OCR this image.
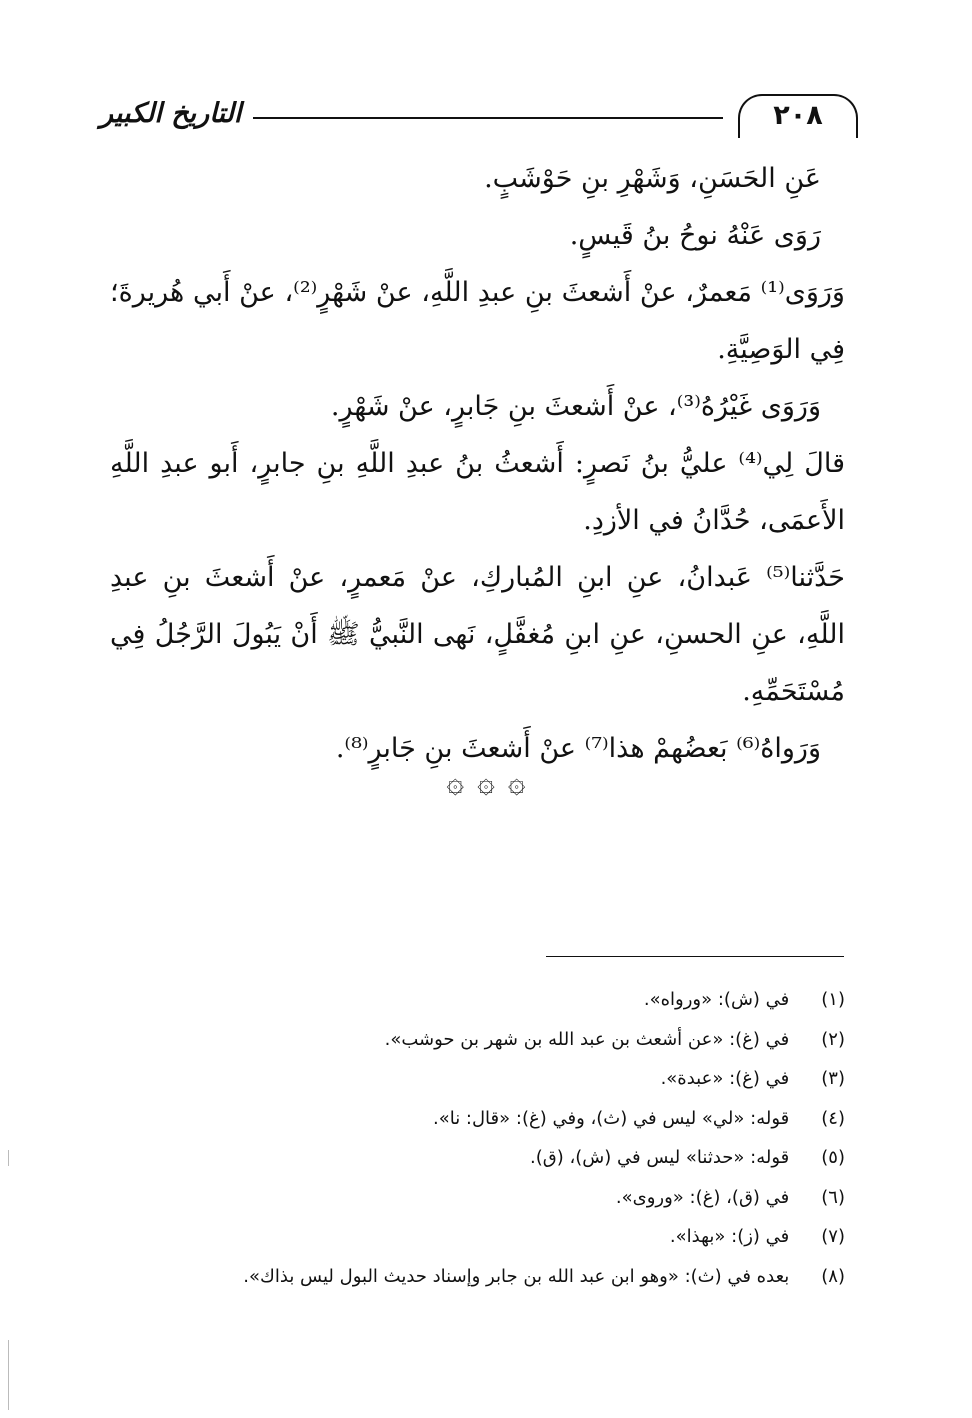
التاريخ الكبير	٢٠٨

عَنِ الحَسَنِ، وَشَهْرِ بنِ حَوْشَبٍ.

رَوَى عَنْهُ نوحُ بنُ قَيسٍ.

وَرَوَى⁽¹⁾ مَعمرٌ، عنْ أَشعثَ بنِ عبدِ اللَّهِ، عنْ شَهْرٍ⁽²⁾، عنْ أَبي هُريرةَ؛ فِي الوَصِيَّةِ.

وَرَوَى غَيْرُهُ⁽³⁾، عنْ أَشعثَ بنِ جَابرٍ، عنْ شَهْرٍ.

قالَ لِي⁽⁴⁾ عليُّ بنُ نَصرٍ: أَشعثُ بنُ عبدِ اللَّهِ بنِ جابرٍ، أَبو عبدِ اللَّهِ الأَعمَى، حُدَّانُ في الأزدِ.

حَدَّثنا⁽⁵⁾ عَبدانُ، عنِ ابنِ المُباركِ، عنْ مَعمرٍ، عنْ أَشعثَ بنِ عبدِ اللَّهِ، عنِ الحسنِ، عنِ ابنِ مُغفَّلٍ، نَهى النَّبيُّ ﷺ أَنْ يَبُولَ الرَّجُلُ فِي مُسْتَحَمِّهِ.

وَرَواهُ⁽⁶⁾ بَعضُهمْ هذا⁽⁷⁾ عنْ أَشعثَ بنِ جَابرٍ⁽⁸⁾.

۞ ۞ ۞
(١) في (ش): «ورواه».
(٢) في (غ): «عن أشعث بن عبد الله بن شهر بن حوشب».
(٣) في (غ): «عبدة».
(٤) قوله: «لي» ليس في (ث)، وفي (غ): «قال: نا».
(٥) قوله: «حدثنا» ليس في (ش)، (ق).
(٦) في (ق)، (غ): «وروى».
(٧) في (ز): «بهذا».
(٨) بعده في (ث): «وهو ابن عبد الله بن جابر وإسناد حديث البول ليس بذاك».
